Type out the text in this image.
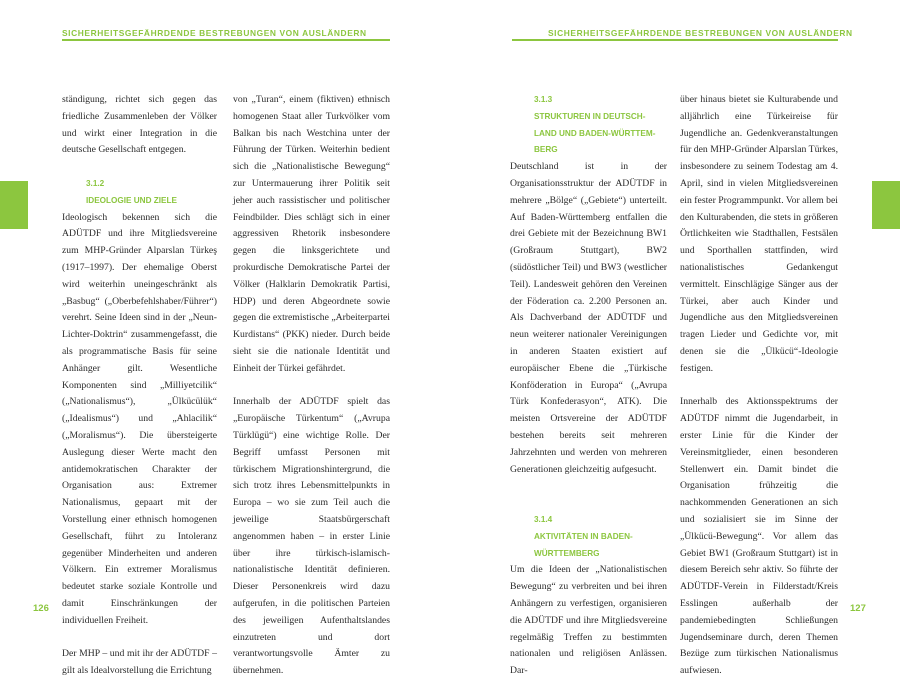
SICHERHEITSGEFÄHRDENDE BESTREBUNGEN VON AUSLÄNDERN

ständigung, richtet sich gegen das friedliche Zusammenleben der Völker und wirkt einer Integration in die deutsche Gesellschaft entgegen.

3.1.2
IDEOLOGIE UND ZIELE

Ideologisch bekennen sich die ADÜTDF und ihre Mitgliedsvereine zum MHP-Gründer Alparslan Türkeş (1917–1997). Der ehemalige Oberst wird weiterhin uneingeschränkt als „Basbug“ („Oberbefehlshaber/Führer“) verehrt. Seine Ideen sind in der „Neun-Lichter-Doktrin“ zusammengefasst, die als programmatische Basis für seine Anhänger gilt. Wesentliche Komponenten sind „Milliyetcilik“ („Nationalismus“), „Ülkücülük“ („Idealismus“) und „Ahlacilik“ („Moralismus“). Die übersteigerte Auslegung dieser Werte macht den antidemokratischen Charakter der Organisation aus: Extremer Nationalismus, gepaart mit der Vorstellung einer ethnisch homogenen Gesellschaft, führt zu Intoleranz gegenüber Minderheiten und anderen Völkern. Ein extremer Moralismus bedeutet starke soziale Kontrolle und damit Einschränkungen der individuellen Freiheit.

Der MHP – und mit ihr der ADÜTDF – gilt als Idealvorstellung die Errichtung

von „Turan“, einem (fiktiven) ethnisch homogenen Staat aller Turkvölker vom Balkan bis nach Westchina unter der Führung der Türken. Weiterhin bedient sich die „Nationalistische Bewegung“ zur Untermauerung ihrer Politik seit jeher auch rassistischer und politischer Feindbilder. Dies schlägt sich in einer aggressiven Rhetorik insbesondere gegen die linksgerichtete und prokurdische Demokratische Partei der Völker (Halklarin Demokratik Partisi, HDP) und deren Abgeordnete sowie gegen die extremistische „Arbeiterpartei Kurdistans“ (PKK) nieder. Durch beide sieht sie die nationale Identität und Einheit der Türkei gefährdet.

Innerhalb der ADÜTDF spielt das „Europäische Türkentum“ („Avrupa Türklügü“) eine wichtige Rolle. Der Begriff umfasst Personen mit türkischem Migrationshintergrund, die sich trotz ihres Lebensmittelpunkts in Europa – wo sie zum Teil auch die jeweilige Staatsbürgerschaft angenommen haben – in erster Linie über ihre türkisch-islamisch-nationalistische Identität definieren. Dieser Personenkreis wird dazu aufgerufen, in die politischen Parteien des jeweiligen Aufenthaltslandes einzutreten und dort verantwortungsvolle Ämter zu übernehmen.

126
SICHERHEITSGEFÄHRDENDE BESTREBUNGEN VON AUSLÄNDERN
3.1.3
STRUKTUREN IN DEUTSCH-
LAND UND BADEN-WÜRTTEM-
BERG

Deutschland ist in der Organisationsstruktur der ADÜTDF in mehrere „Bölge“ („Gebiete“) unterteilt. Auf Baden-Württemberg entfallen die drei Gebiete mit der Bezeichnung BW1 (Großraum Stuttgart), BW2 (südöstlicher Teil) und BW3 (westlicher Teil). Landesweit gehören den Vereinen der Föderation ca. 2.200 Personen an. Als Dachverband der ADÜTDF und neun weiterer nationaler Vereinigungen in anderen Staaten existiert auf europäischer Ebene die „Türkische Konföderation in Europa“ („Avrupa Türk Konfederasyon“, ATK). Die meisten Ortsvereine der ADÜTDF bestehen bereits seit mehreren Jahrzehnten und werden von mehreren Generationen gleichzeitig aufgesucht.

3.1.4
AKTIVITÄTEN IN BADEN-
WÜRTTEMBERG

Um die Ideen der „Nationalistischen Bewegung“ zu verbreiten und bei ihren Anhängern zu verfestigen, organisieren die ADÜTDF und ihre Mitgliedsvereine regelmäßig Treffen zu bestimmten nationalen und religiösen Anlässen. Dar-

über hinaus bietet sie Kulturabende und alljährlich eine Türkeireise für Jugendliche an. Gedenkveranstaltungen für den MHP-Gründer Alparslan Türkes, insbesondere zu seinem Todestag am 4. April, sind in vielen Mitgliedsvereinen ein fester Programmpunkt. Vor allem bei den Kulturabenden, die stets in größeren Örtlichkeiten wie Stadthallen, Festsälen und Sporthallen stattfinden, wird nationalistisches Gedankengut vermittelt. Einschlägige Sänger aus der Türkei, aber auch Kinder und Jugendliche aus den Mitgliedsvereinen tragen Lieder und Gedichte vor, mit denen sie die „Ülkücü“-Ideologie festigen.

Innerhalb des Aktionsspektrums der ADÜTDF nimmt die Jugendarbeit, in erster Linie für die Kinder der Vereinsmitglieder, einen besonderen Stellenwert ein. Damit bindet die Organisation frühzeitig die nachkommenden Generationen an sich und sozialisiert sie im Sinne der „Ülkücü-Bewegung“. Vor allem das Gebiet BW1 (Großraum Stuttgart) ist in diesem Bereich sehr aktiv. So führte der ADÜTDF-Verein in Filderstadt/Kreis Esslingen außerhalb der pandemiebedingten Schließungen Jugendseminare durch, deren Themen Bezüge zum türkischen Nationalismus aufwiesen.

127
